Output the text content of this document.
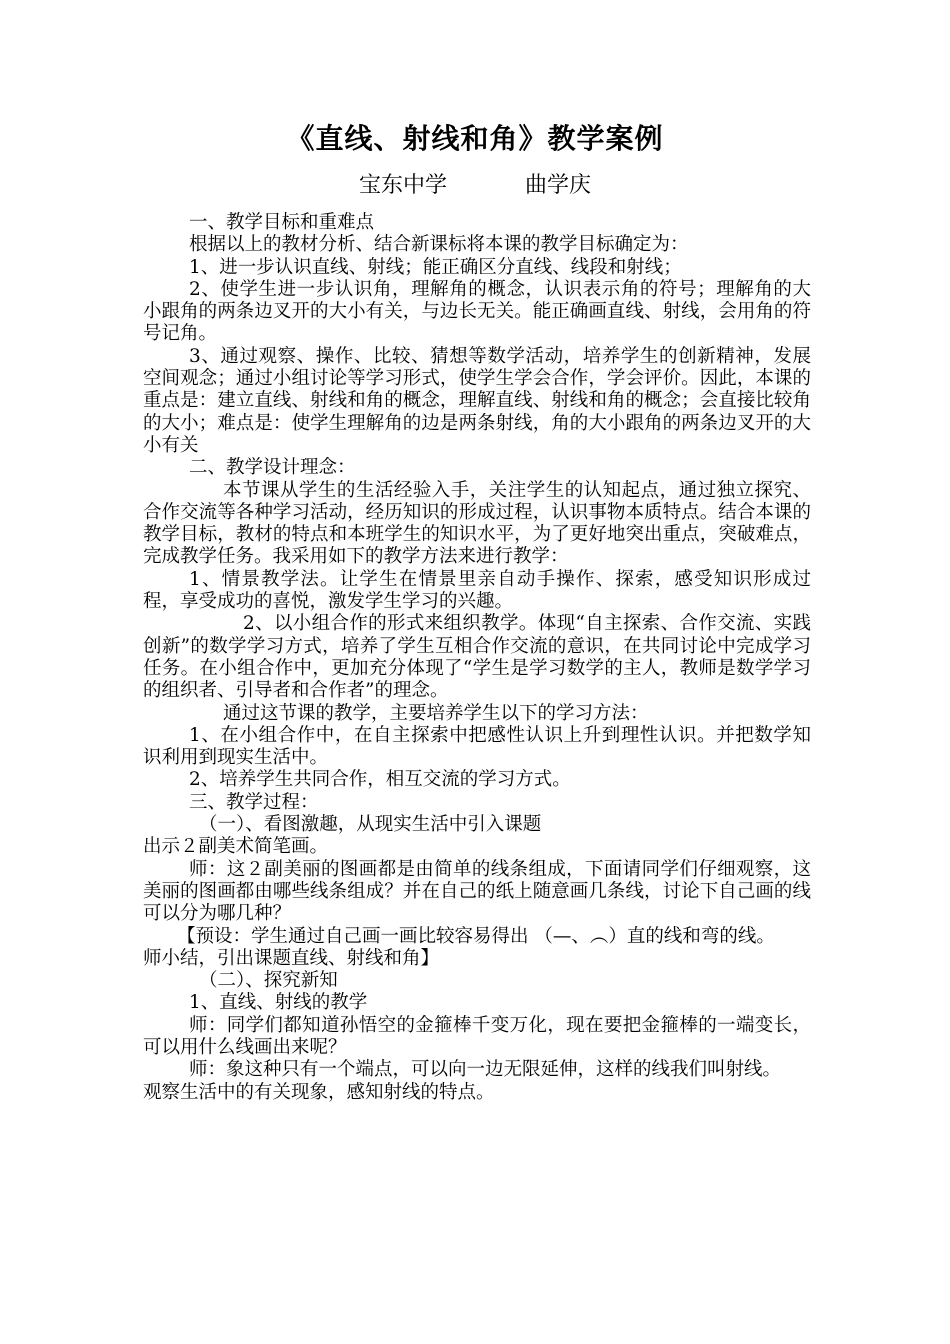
《直线、射线和角》教学案例
宝东中学	曲学庆

一、教学目标和重难点

根据以上的教材分析、结合新课标将本课的教学目标确定为：

1、进一步认识直线、射线；能正确区分直线、线段和射线；

2、使学生进一步认识角，理解角的概念，认识表示角的符号；理解角的大小跟角的两条边叉开的大小有关，与边长无关。能正确画直线、射线，会用角的符号记角。

3、通过观察、操作、比较、猜想等数学活动，培养学生的创新精神，发展空间观念；通过小组讨论等学习形式，使学生学会合作，学会评价。因此，本课的重点是：建立直线、射线和角的概念，理解直线、射线和角的概念；会直接比较角的大小；难点是：使学生理解角的边是两条射线，角的大小跟角的两条边叉开的大小有关

二、教学设计理念：

本节课从学生的生活经验入手，关注学生的认知起点，通过独立探究、合作交流等各种学习活动，经历知识的形成过程，认识事物本质特点。结合本课的教学目标，教材的特点和本班学生的知识水平，为了更好地突出重点，突破难点，完成教学任务。我采用如下的教学方法来进行教学：

1、情景教学法。让学生在情景里亲自动手操作、探索，感受知识形成过程，享受成功的喜悦，激发学生学习的兴趣。

2、以小组合作的形式来组织教学。体现“自主探索、合作交流、实践创新”的数学学习方式，培养了学生互相合作交流的意识，在共同讨论中完成学习任务。在小组合作中，更加充分体现了“学生是学习数学的主人，教师是数学学习的组织者、引导者和合作者”的理念。

通过这节课的教学，主要培养学生以下的学习方法：

1、在小组合作中，在自主探索中把感性认识上升到理性认识。并把数学知识利用到现实生活中。

2、培养学生共同合作，相互交流的学习方式。

三、教学过程：

（一）、看图激趣，从现实生活中引入课题

出示２副美术简笔画。

师：这２副美丽的图画都是由简单的线条组成，下面请同学们仔细观察，这美丽的图画都由哪些线条组成？并在自己的纸上随意画几条线，讨论下自己画的线可以分为哪几种？

【预设：学生通过自己画一画比较容易得出 （—、︵）直的线和弯的线。

师小结，引出课题直线、射线和角】

（二）、探究新知

1、直线、射线的教学

师：同学们都知道孙悟空的金箍棒千变万化，现在要把金箍棒的一端变长，可以用什么线画出来呢？

师：象这种只有一个端点，可以向一边无限延伸，这样的线我们叫射线。

观察生活中的有关现象，感知射线的特点。
